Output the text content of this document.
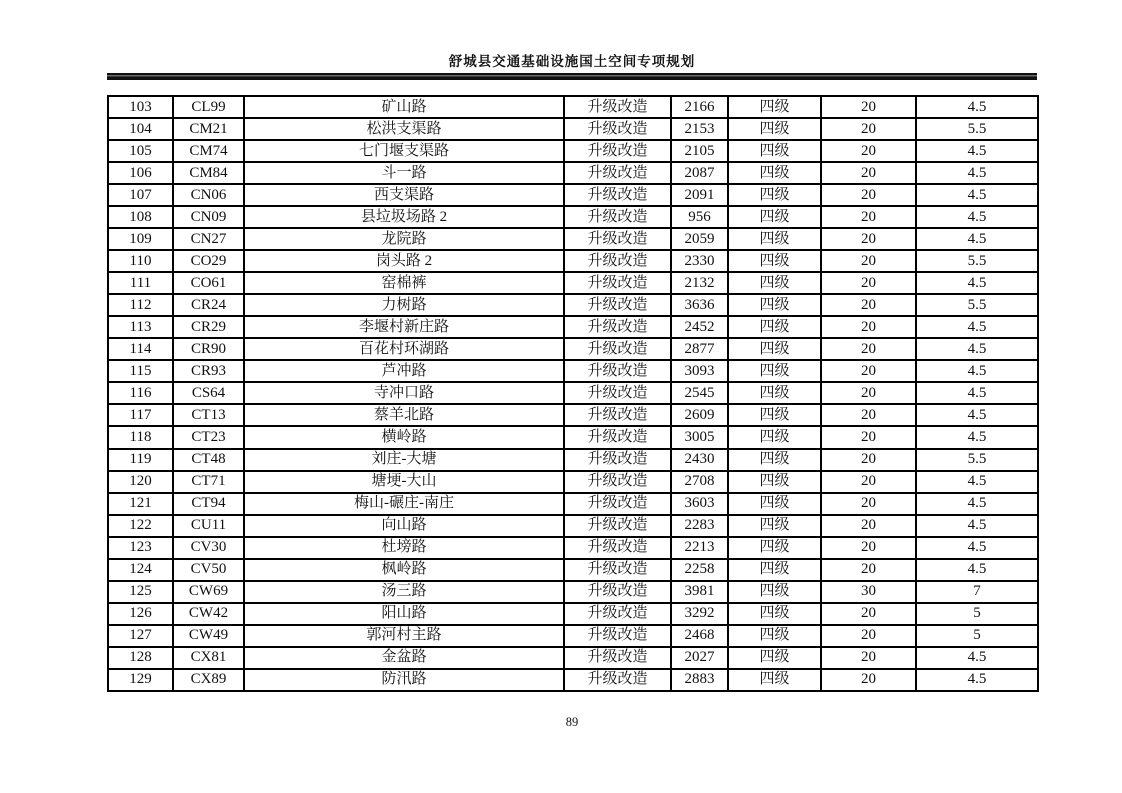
舒城县交通基础设施国土空间专项规划
103	CL99	矿山路	升级改造	2166	四级	20	4.5
104	CM21	松洪支渠路	升级改造	2153	四级	20	5.5
105	CM74	七门堰支渠路	升级改造	2105	四级	20	4.5
106	CM84	斗一路	升级改造	2087	四级	20	4.5
107	CN06	西支渠路	升级改造	2091	四级	20	4.5
108	CN09	县垃圾场路 2	升级改造	956	四级	20	4.5
109	CN27	龙院路	升级改造	2059	四级	20	4.5
110	CO29	岗头路 2	升级改造	2330	四级	20	5.5
111	CO61	窑棉裤	升级改造	2132	四级	20	4.5
112	CR24	力树路	升级改造	3636	四级	20	5.5
113	CR29	李堰村新庄路	升级改造	2452	四级	20	4.5
114	CR90	百花村环湖路	升级改造	2877	四级	20	4.5
115	CR93	芦冲路	升级改造	3093	四级	20	4.5
116	CS64	寺冲口路	升级改造	2545	四级	20	4.5
117	CT13	蔡羊北路	升级改造	2609	四级	20	4.5
118	CT23	横岭路	升级改造	3005	四级	20	4.5
119	CT48	刘庄-大塘	升级改造	2430	四级	20	5.5
120	CT71	塘埂-大山	升级改造	2708	四级	20	4.5
121	CT94	梅山-碾庄-南庄	升级改造	3603	四级	20	4.5
122	CU11	向山路	升级改造	2283	四级	20	4.5
123	CV30	杜塝路	升级改造	2213	四级	20	4.5
124	CV50	枫岭路	升级改造	2258	四级	20	4.5
125	CW69	汤三路	升级改造	3981	四级	30	7
126	CW42	阳山路	升级改造	3292	四级	20	5
127	CW49	郭河村主路	升级改造	2468	四级	20	5
128	CX81	金盆路	升级改造	2027	四级	20	4.5
129	CX89	防汛路	升级改造	2883	四级	20	4.5
89
